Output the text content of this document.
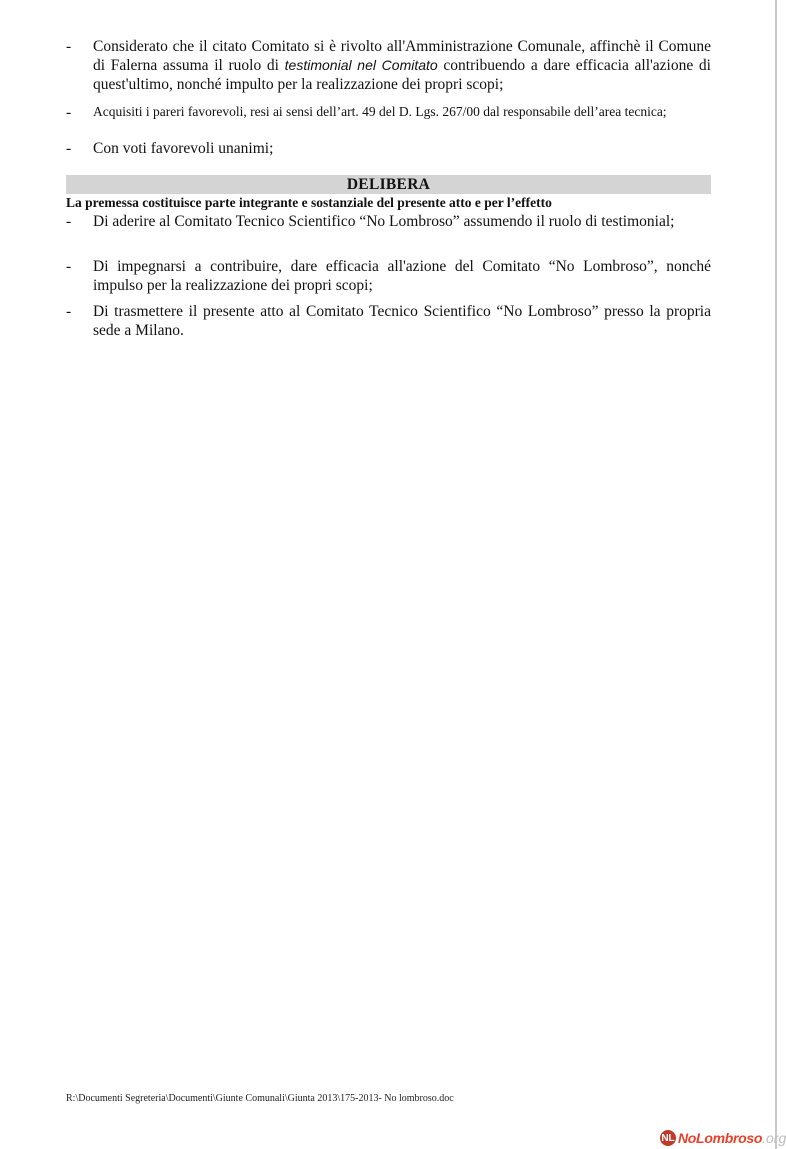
-	Considerato che il citato Comitato si è rivolto all'Amministrazione Comunale, affinchè il Comune di Falerna assuma il ruolo di testimonial nel Comitato contribuendo a dare efficacia all'azione di quest'ultimo, nonché impulto per la realizzazione dei propri scopi;
-	Acquisiti i pareri favorevoli, resi ai sensi dell’art. 49 del D. Lgs. 267/00 dal responsabile dell’area tecnica;
-	Con voti favorevoli unanimi;
DELIBERA
La premessa costituisce parte integrante e sostanziale del presente atto e per l’effetto
-	Di aderire al Comitato Tecnico Scientifico “No Lombroso” assumendo il ruolo di testimonial;
-	Di impegnarsi a contribuire, dare efficacia all'azione del Comitato “No Lombroso”, nonché impulso per la realizzazione dei propri scopi;
-	Di trasmettere il presente atto al Comitato Tecnico Scientifico “No Lombroso” presso la propria sede a Milano.
R:\Documenti Segreteria\Documenti\Giunte Comunali\Giunta 2013\175-2013- No lombroso.doc
NL NoLombroso .org
